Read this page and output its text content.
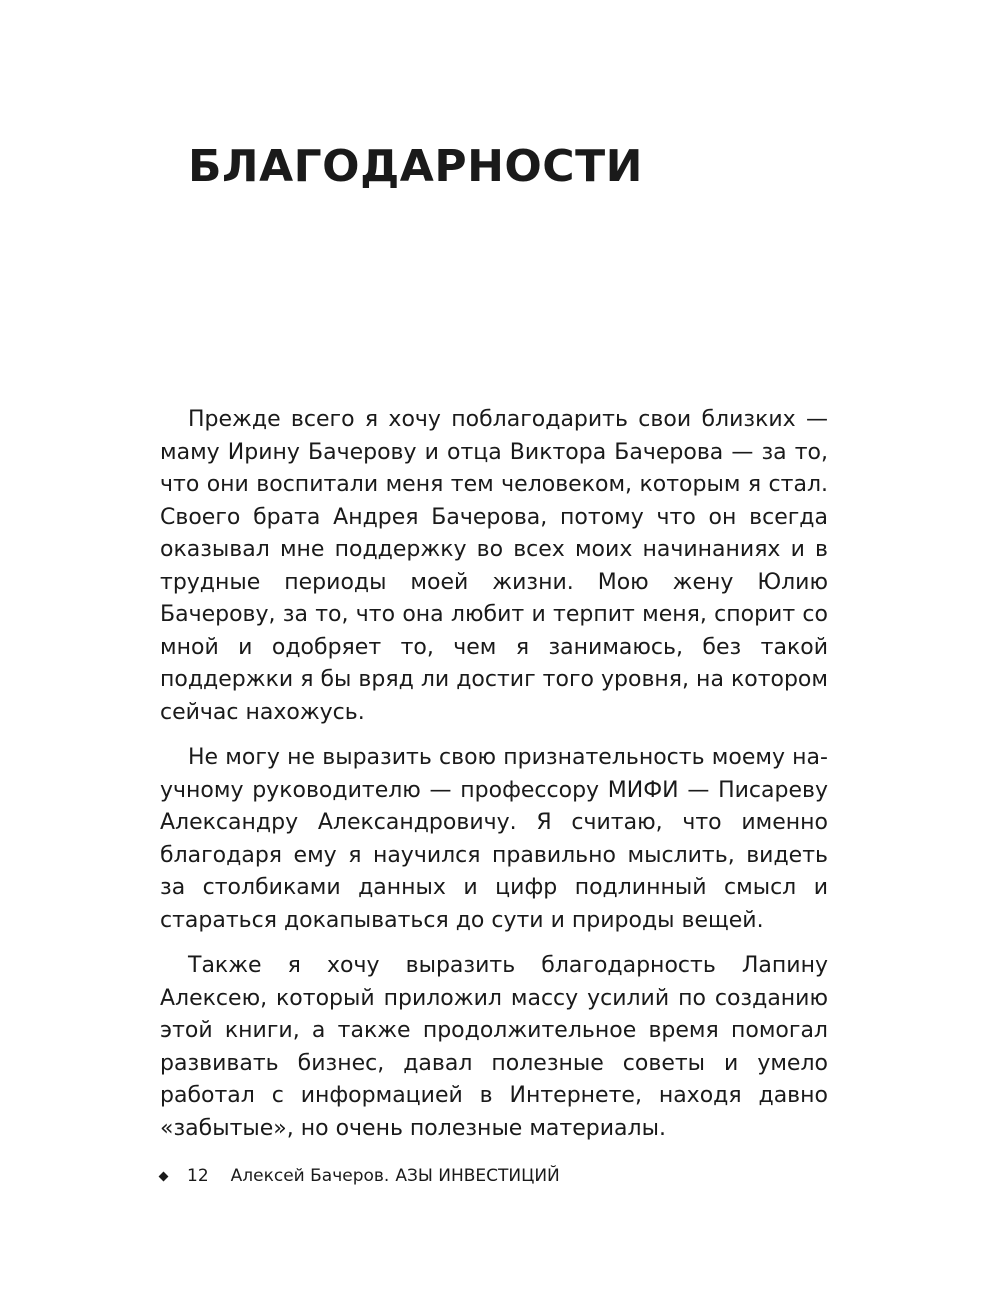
БЛАГОДАРНОСТИ

Прежде всего я хочу поблагодарить свои близких — маму Ирину Бачерову и отца Виктора Бачерова — за то, что они воспитали меня тем человеком, которым я стал. Своего брата Андрея Бачерова, потому что он всегда оказывал мне поддержку во всех моих начинаниях и в трудные периоды моей жизни. Мою жену Юлию Бачерову, за то, что она любит и терпит меня, спорит со мной и одобряет то, чем я занимаюсь, без такой поддержки я бы вряд ли достиг того уровня, на котором сейчас нахожусь.

Не могу не выразить свою признательность моему научному руководителю — профессору МИФИ — Писареву Александру Александровичу. Я считаю, что именно благодаря ему я научился правильно мыслить, видеть за столбиками данных и цифр подлинный смысл и стараться докапываться до сути и природы вещей.

Также я хочу выразить благодарность Лапину Алексею, который приложил массу усилий по созданию этой книги, а также продолжительное время помогал развивать бизнес, давал полезные советы и умело работал с информацией в Интернете, находя давно «забытые», но очень полезные материалы.

12 Алексей Бачеров. АЗЫ ИНВЕСТИЦИЙ
